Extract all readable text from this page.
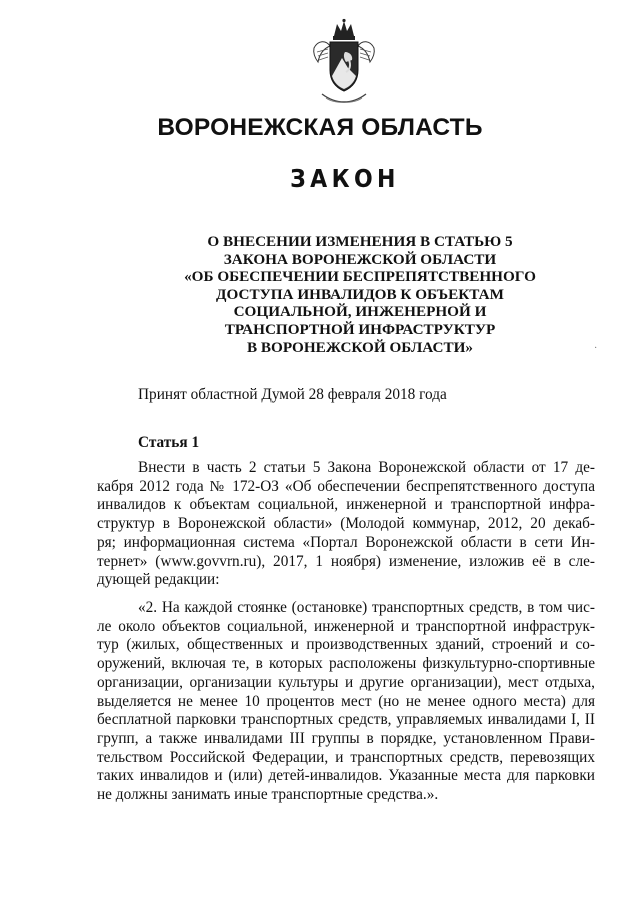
ВОРОНЕЖСКАЯ ОБЛАСТЬ
ЗАКОН
О ВНЕСЕНИИ ИЗМЕНЕНИЯ В СТАТЬЮ 5
ЗАКОНА ВОРОНЕЖСКОЙ ОБЛАСТИ
«ОБ ОБЕСПЕЧЕНИИ БЕСПРЕПЯТСТВЕННОГО
ДОСТУПА ИНВАЛИДОВ К ОБЪЕКТАМ
СОЦИАЛЬНОЙ, ИНЖЕНЕРНОЙ И
ТРАНСПОРТНОЙ ИНФРАСТРУКТУР
В ВОРОНЕЖСКОЙ ОБЛАСТИ»	·
Принят областной Думой 28 февраля 2018 года
Статья 1
Внести в часть 2 статьи 5 Закона Воронежской области от 17 де-
кабря 2012 года № 172-ОЗ «Об обеспечении беспрепятственного доступа
инвалидов к объектам социальной, инженерной и транспортной инфра-
структур в Воронежской области» (Молодой коммунар, 2012, 20 декаб-
ря; информационная система «Портал Воронежской области в сети Ин-
тернет» (www.govvrn.ru), 2017, 1 ноября) изменение, изложив её в сле-
дующей редакции:
«2. На каждой стоянке (остановке) транспортных средств, в том чис-
ле около объектов социальной, инженерной и транспортной инфраструк-
тур (жилых, общественных и производственных зданий, строений и со-
оружений, включая те, в которых расположены физкультурно-спортивные
организации, организации культуры и другие организации), мест отдыха,
выделяется не менее 10 процентов мест (но не менее одного места) для
бесплатной парковки транспортных средств, управляемых инвалидами I, II
групп, а также инвалидами III группы в порядке, установленном Прави-
тельством Российской Федерации, и транспортных средств, перевозящих
таких инвалидов и (или) детей-инвалидов. Указанные места для парковки
не должны занимать иные транспортные средства.».
